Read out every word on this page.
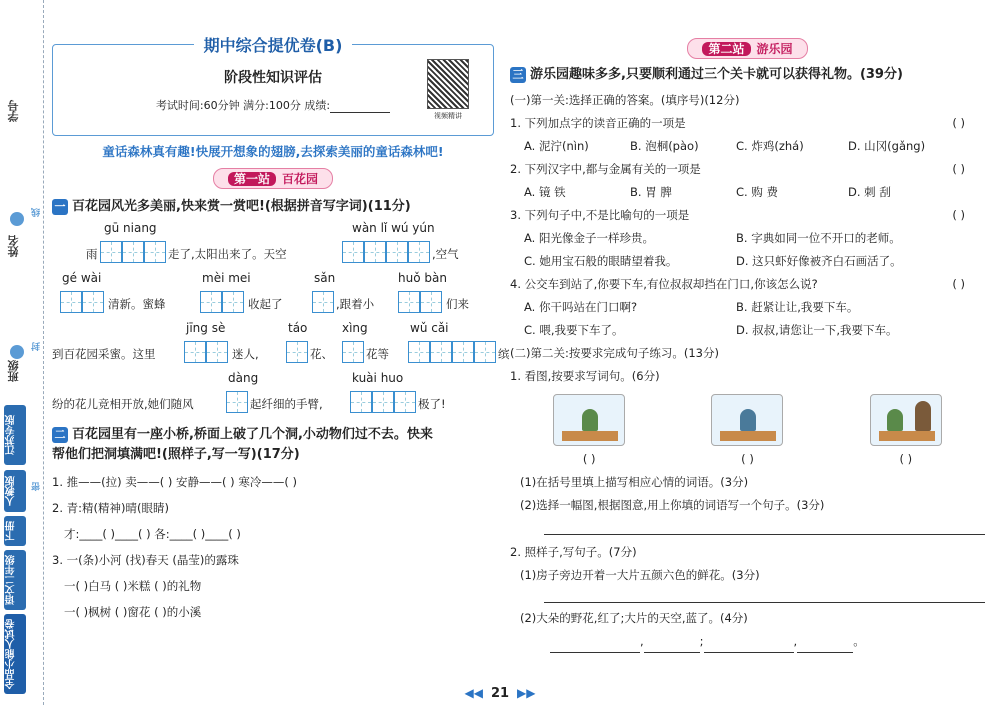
学号
姓名
班级
线
封
密
江苏专版
人教版
下册
语文二年级
全品小能人试卷
期中综合提优卷(B)
阶段性知识评估
考试时间:60分钟 满分:100分 成绩:
视频精讲
童话森林真有趣!快展开想象的翅膀,去探索美丽的童话森林吧!
第一站 百花园
一 百花园风光多美丽,快来赏一赏吧!(根据拼音写字词)(11分)
gū niang	wàn lǐ wú yún
雨	走了,太阳出来了。天空	,空气
gé wài	mèi mei	sǎn	huǒ bàn
清新。蜜蜂	收起了	,跟着小	们来
jīng sè	táo	xìng	wǔ cǎi
到百花园采蜜。这里	迷人,	花、	花等	缤
dàng	kuài huo
纷的花儿竞相开放,她们随风	起纤细的手臂,	极了!
二 百花园里有一座小桥,桥面上破了几个洞,小动物们过不去。快来
帮他们把洞填满吧!(照样子,写一写)(17分)
1. 推——(拉) 卖——( ) 安静——( ) 寒冷——( )
2. 青:精(精神)晴(眼睛)
才:____( )____( ) 各:____( )____( )
3. 一(条)小河 (找)春天 (晶莹)的露珠
一( )白马 ( )米糕 ( )的礼物
一( )枫树 ( )窗花 ( )的小溪
第二站 游乐园
三 游乐园趣味多多,只要顺利通过三个关卡就可以获得礼物。(39分)
(一)第一关:选择正确的答案。(填序号)(12分)
1. 下列加点字的读音正确的一项是	( )
A. 泥泞(nìn)	B. 泡桐(pào)	C. 炸鸡(zhá)	D. 山冈(gǎng)
2. 下列汉字中,都与金属有关的一项是	( )
A. 镜 铁	B. 胃 脾	C. 购 费	D. 刺 刮
3. 下列句子中,不是比喻句的一项是	( )
A. 阳光像金子一样珍贵。	B. 字典如同一位不开口的老师。
C. 她用宝石般的眼睛望着我。	D. 这只虾好像被齐白石画活了。
4. 公交车到站了,你要下车,有位叔叔却挡在门口,你该怎么说?	( )
A. 你干吗站在门口啊?	B. 赶紧让让,我要下车。
C. 喂,我要下车了。	D. 叔叔,请您让一下,我要下车。
(二)第二关:按要求完成句子练习。(13分)
1. 看图,按要求写词句。(6分)
( )	( )	( )
(1)在括号里填上描写相应心情的词语。(3分)
(2)选择一幅图,根据图意,用上你填的词语写一个句子。(3分)
2. 照样子,写句子。(7分)
(1)房子旁边开着一大片五颜六色的鲜花。(3分)
(2)大朵的野花,红了;大片的天空,蓝了。(4分)
,	;	,	。
◀◀ 21 ▶▶
